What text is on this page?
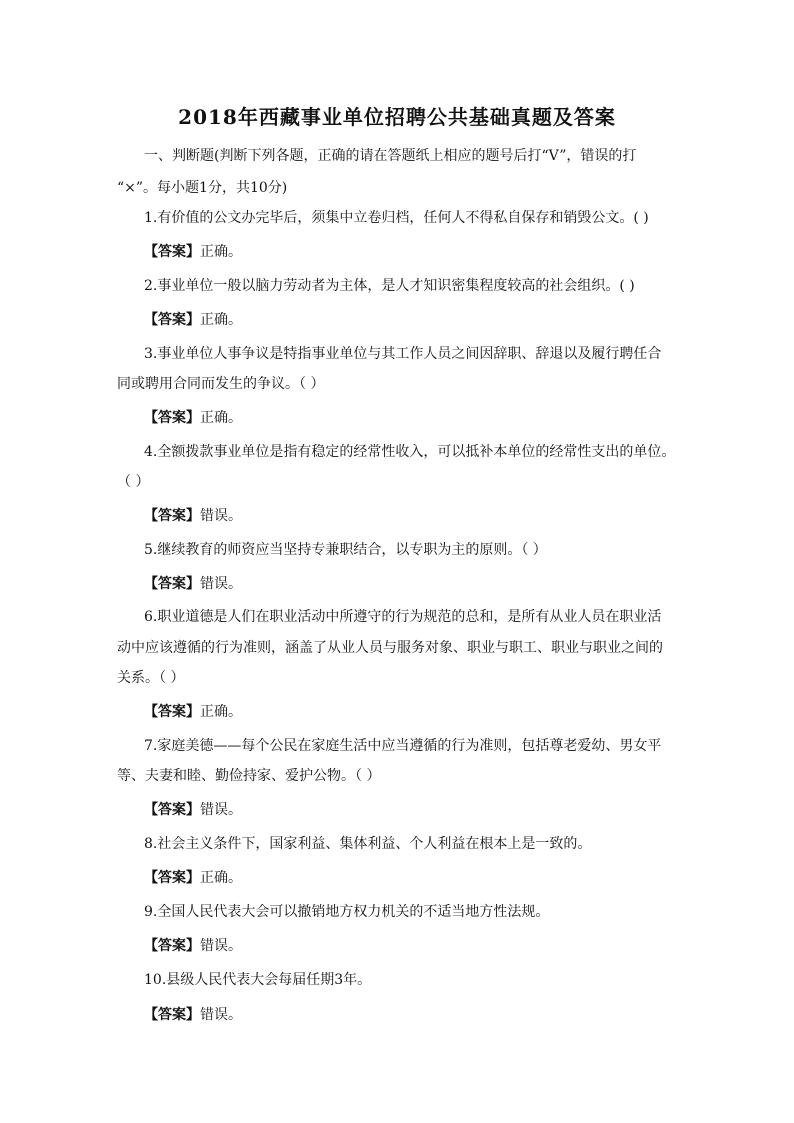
2018年西藏事业单位招聘公共基础真题及答案
一、判断题(判断下列各题，正确的请在答题纸上相应的题号后打“V”，错误的打
“×”。每小题1分，共10分)
1.有价值的公文办完毕后，须集中立卷归档，任何人不得私自保存和销毁公文。( )
【答案】正确。
2.事业单位一般以脑力劳动者为主体，是人才知识密集程度较高的社会组织。( )
【答案】正确。
3.事业单位人事争议是特指事业单位与其工作人员之间因辞职、辞退以及履行聘任合
同或聘用合同而发生的争议。（ ）
【答案】正确。
4.全额拨款事业单位是指有稳定的经常性收入，可以抵补本单位的经常性支出的单位。
（ ）
【答案】错误。
5.继续教育的师资应当坚持专兼职结合，以专职为主的原则。（ ）
【答案】错误。
6.职业道德是人们在职业活动中所遵守的行为规范的总和，是所有从业人员在职业活
动中应该遵循的行为准则，涵盖了从业人员与服务对象、职业与职工、职业与职业之间的
关系。（ ）
【答案】正确。
7.家庭美德——每个公民在家庭生活中应当遵循的行为准则，包括尊老爱幼、男女平
等、夫妻和睦、勤俭持家、爱护公物。（ ）
【答案】错误。
8.社会主义条件下，国家利益、集体利益、个人利益在根本上是一致的。
【答案】正确。
9.全国人民代表大会可以撤销地方权力机关的不适当地方性法规。
【答案】错误。
10.县级人民代表大会每届任期3年。
【答案】错误。
